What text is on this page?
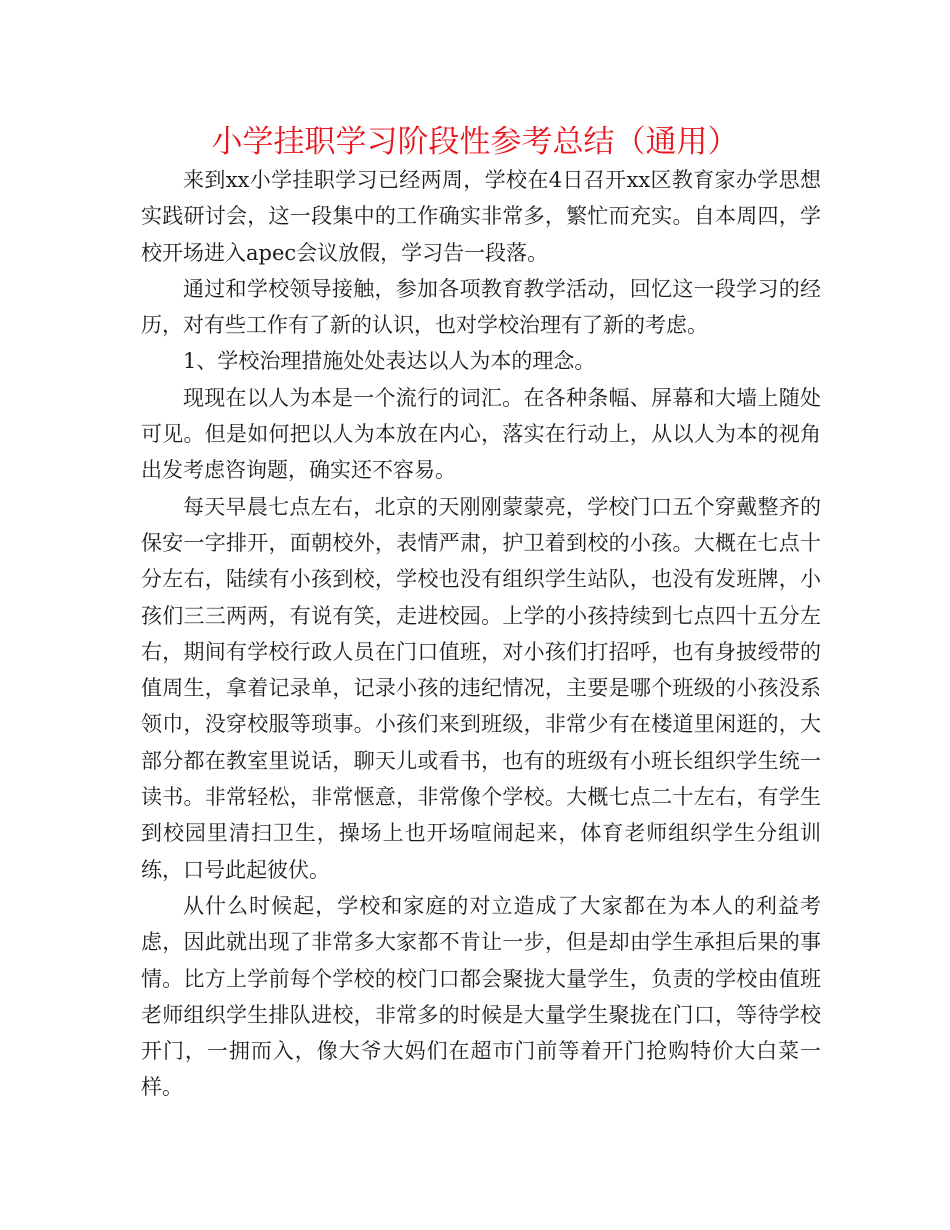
小学挂职学习阶段性参考总结（通用）

来到xx小学挂职学习已经两周，学校在4日召开xx区教育家办学思想实践研讨会，这一段集中的工作确实非常多，繁忙而充实。自本周四，学校开场进入apec会议放假，学习告一段落。

通过和学校领导接触，参加各项教育教学活动，回忆这一段学习的经历，对有些工作有了新的认识，也对学校治理有了新的考虑。

1、学校治理措施处处表达以人为本的理念。

现现在以人为本是一个流行的词汇。在各种条幅、屏幕和大墙上随处可见。但是如何把以人为本放在内心，落实在行动上，从以人为本的视角出发考虑咨询题，确实还不容易。

每天早晨七点左右，北京的天刚刚蒙蒙亮，学校门口五个穿戴整齐的保安一字排开，面朝校外，表情严肃，护卫着到校的小孩。大概在七点十分左右，陆续有小孩到校，学校也没有组织学生站队，也没有发班牌，小孩们三三两两，有说有笑，走进校园。上学的小孩持续到七点四十五分左右，期间有学校行政人员在门口值班，对小孩们打招呼，也有身披绶带的值周生，拿着记录单，记录小孩的违纪情况，主要是哪个班级的小孩没系领巾，没穿校服等琐事。小孩们来到班级，非常少有在楼道里闲逛的，大部分都在教室里说话，聊天儿或看书，也有的班级有小班长组织学生统一读书。非常轻松，非常惬意，非常像个学校。大概七点二十左右，有学生到校园里清扫卫生，操场上也开场喧闹起来，体育老师组织学生分组训练，口号此起彼伏。

从什么时候起，学校和家庭的对立造成了大家都在为本人的利益考虑，因此就出现了非常多大家都不肯让一步，但是却由学生承担后果的事情。比方上学前每个学校的校门口都会聚拢大量学生，负责的学校由值班老师组织学生排队进校，非常多的时候是大量学生聚拢在门口，等待学校开门，一拥而入，像大爷大妈们在超市门前等着开门抢购特价大白菜一样。
